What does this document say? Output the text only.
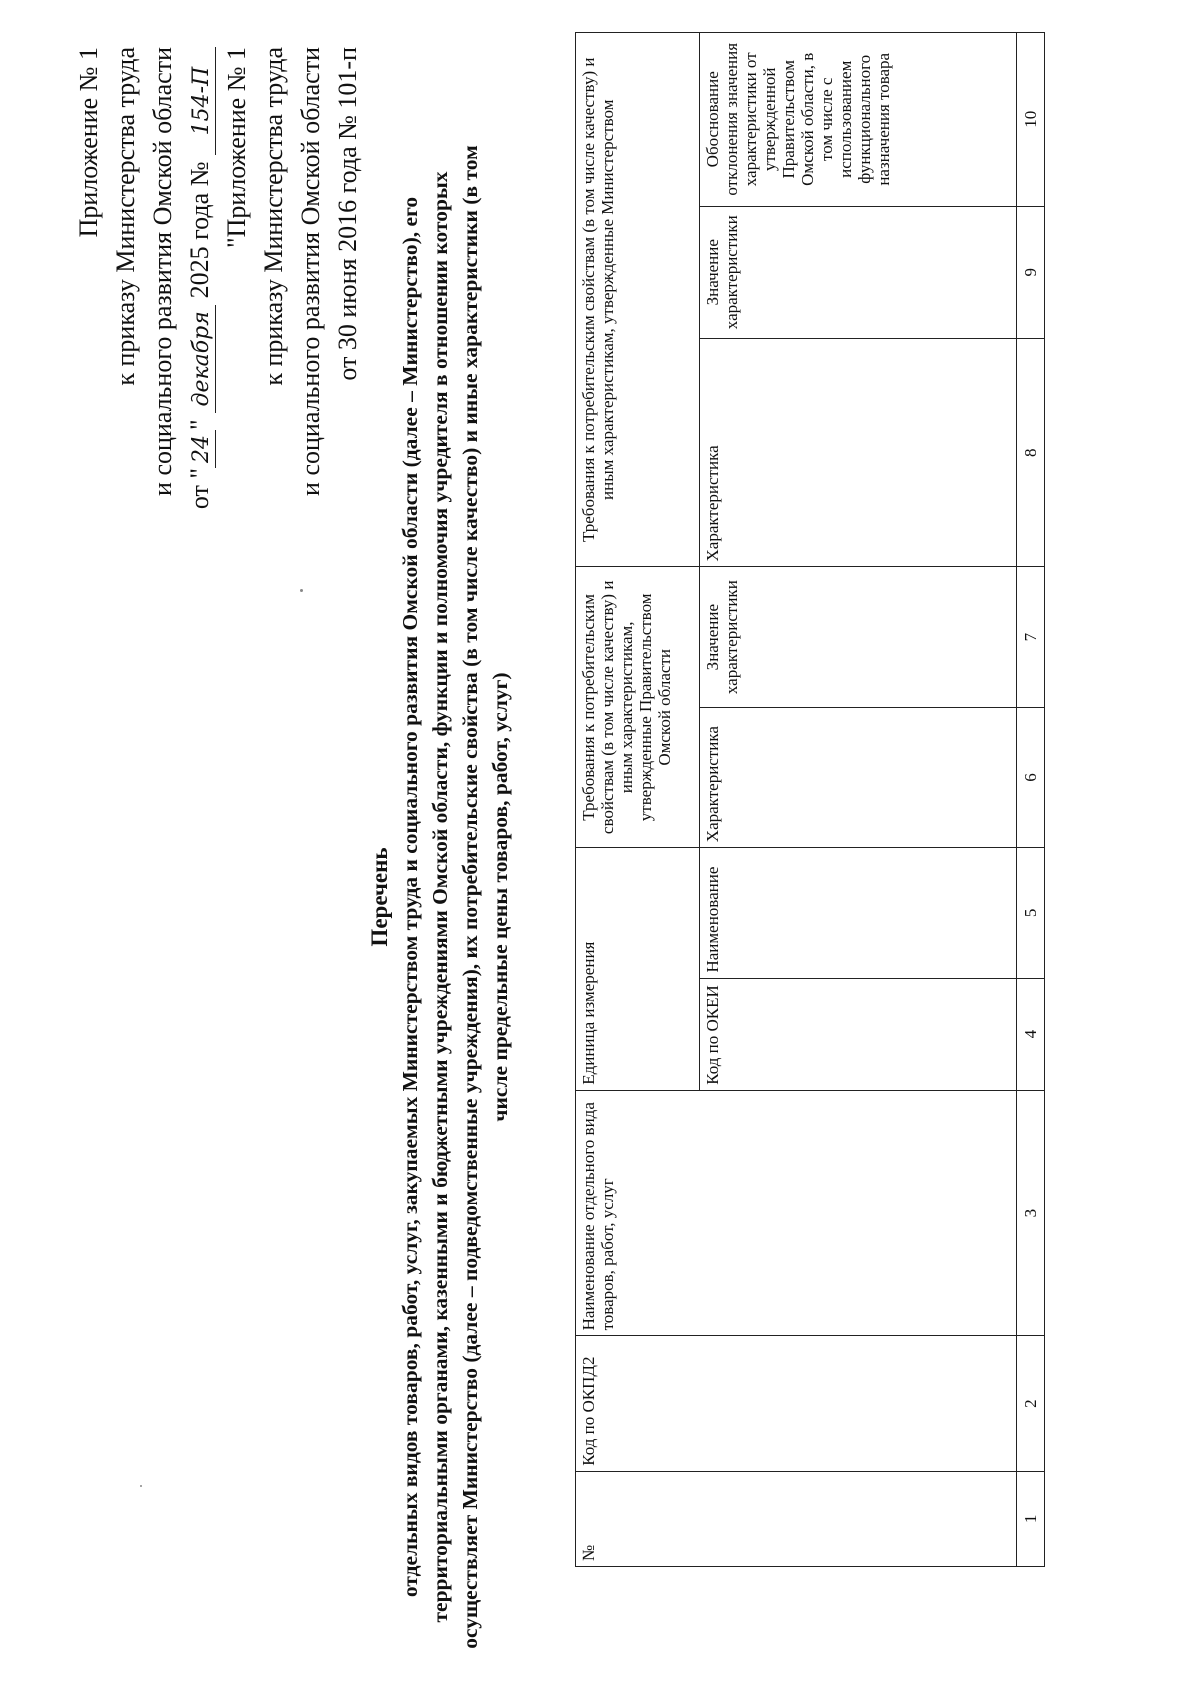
Приложение № 1 к приказу Министерства труда и социального развития Омской области от "24" декабря 2025 года № 154-П "Приложение № 1 к приказу Министерства труда и социального развития Омской области от 30 июня 2016 года № 101-п
Перечень отдельных видов товаров, работ, услуг, закупаемых Министерством труда и социального развития Омской области (далее – Министерство), его территориальными органами, казенными и бюджетными учреждениями Омской области, функции и полномочия учредителя в отношении которых осуществляет Министерство (далее – подведомственные учреждения), их потребительские свойства (в том числе качество) и иные характеристики (в том числе предельные цены товаров, работ, услуг)
№	Код по ОКПД2	Наименование отдельного вида товаров, работ, услуг	Единица измерения		Требования к потребительским свойствам (в том числе качеству) и иным характеристикам, утвержденные Правительством Омской области		Требования к потребительским свойствам (в том числе качеству) и иным характеристикам, утвержденные Министерством		
			Код по ОКЕИ	Наименование	Характеристика	Значение характеристики	Характеристика	Значение характеристики	Обоснование отклонения значения характеристики от утвержденной Правительством Омской области, в том числе с использованием функционального назначения товара
1	2	3	4	5	6	7	8	9	10
